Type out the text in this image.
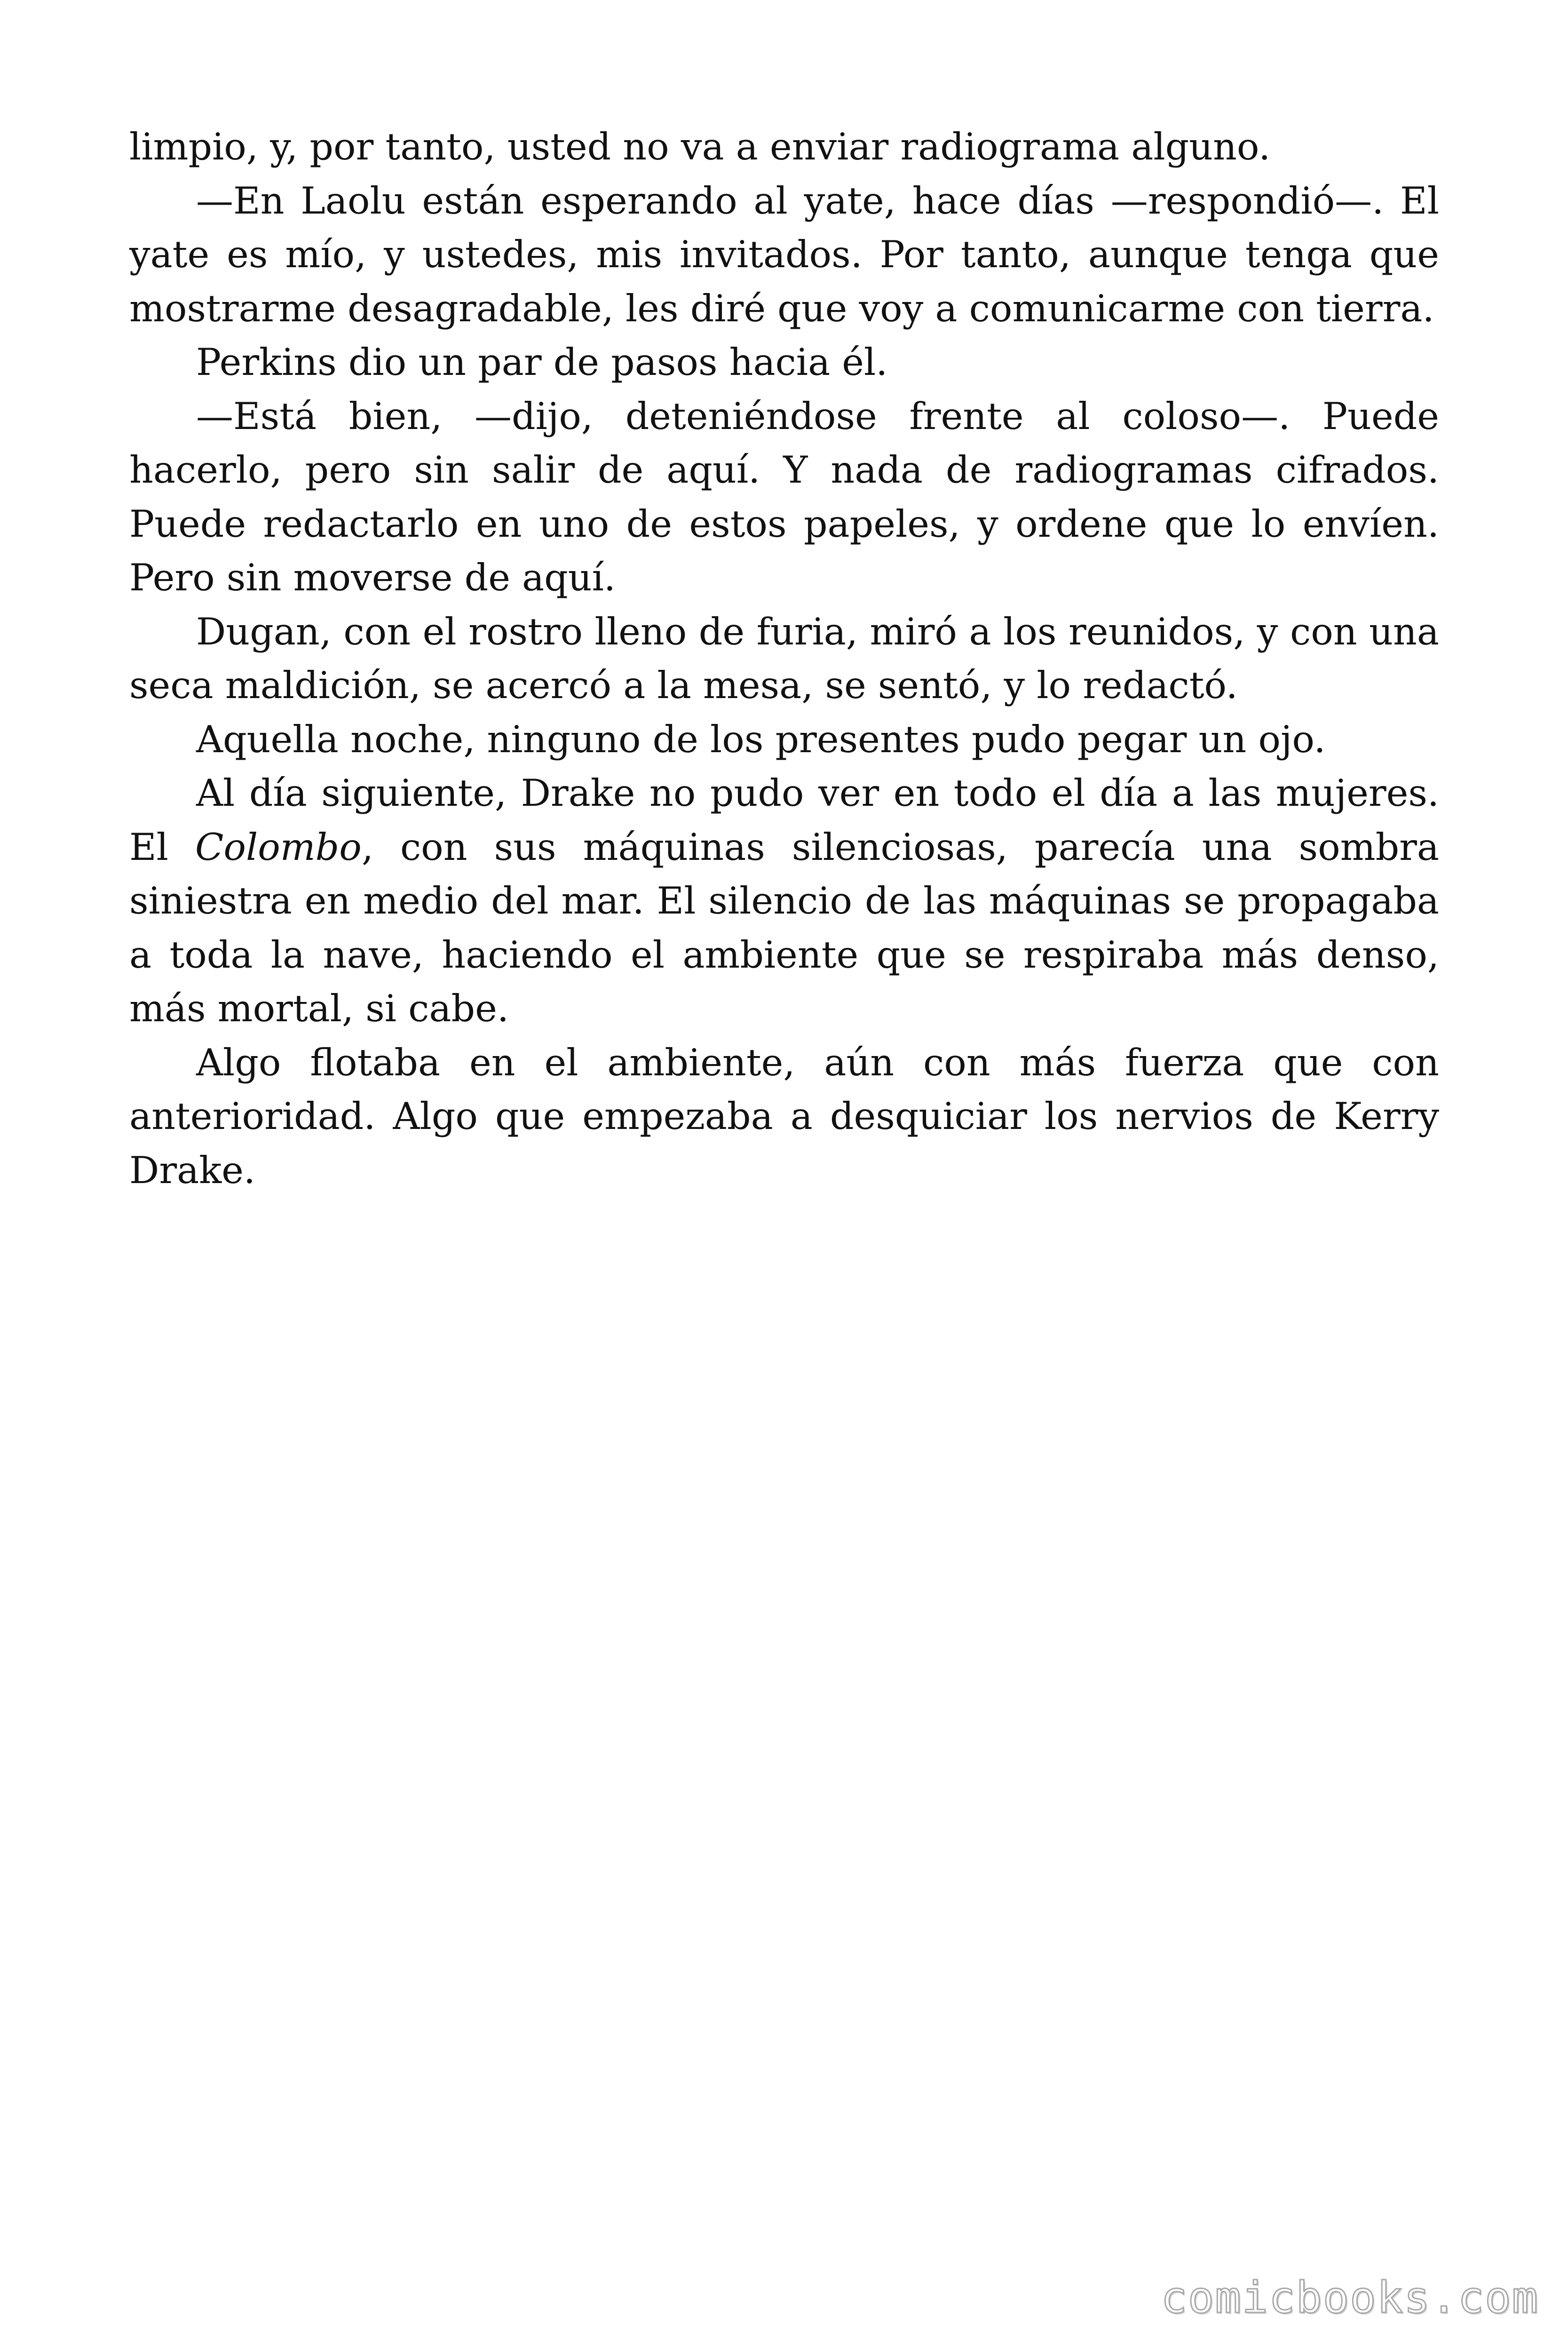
limpio, y, por tanto, usted no va a enviar radiograma alguno.

—En Laolu están esperando al yate, hace días —respondió—. El yate es mío, y ustedes, mis invitados. Por tanto, aunque tenga que mostrarme desagradable, les diré que voy a comunicarme con tierra.

Perkins dio un par de pasos hacia él.

—Está bien, —dijo, deteniéndose frente al coloso—. Puede hacerlo, pero sin salir de aquí. Y nada de radiogramas cifrados. Puede redactarlo en uno de estos papeles, y ordene que lo envíen. Pero sin moverse de aquí.

Dugan, con el rostro lleno de furia, miró a los reunidos, y con una seca maldición, se acercó a la mesa, se sentó, y lo redactó.

Aquella noche, ninguno de los presentes pudo pegar un ojo.

Al día siguiente, Drake no pudo ver en todo el día a las mujeres. El Colombo, con sus máquinas silenciosas, parecía una sombra siniestra en medio del mar. El silencio de las máquinas se propagaba a toda la nave, haciendo el ambiente que se respiraba más denso, más mortal, si cabe.

Algo flotaba en el ambiente, aún con más fuerza que con anterioridad. Algo que empezaba a desquiciar los nervios de Kerry Drake.

comicbooks.com
